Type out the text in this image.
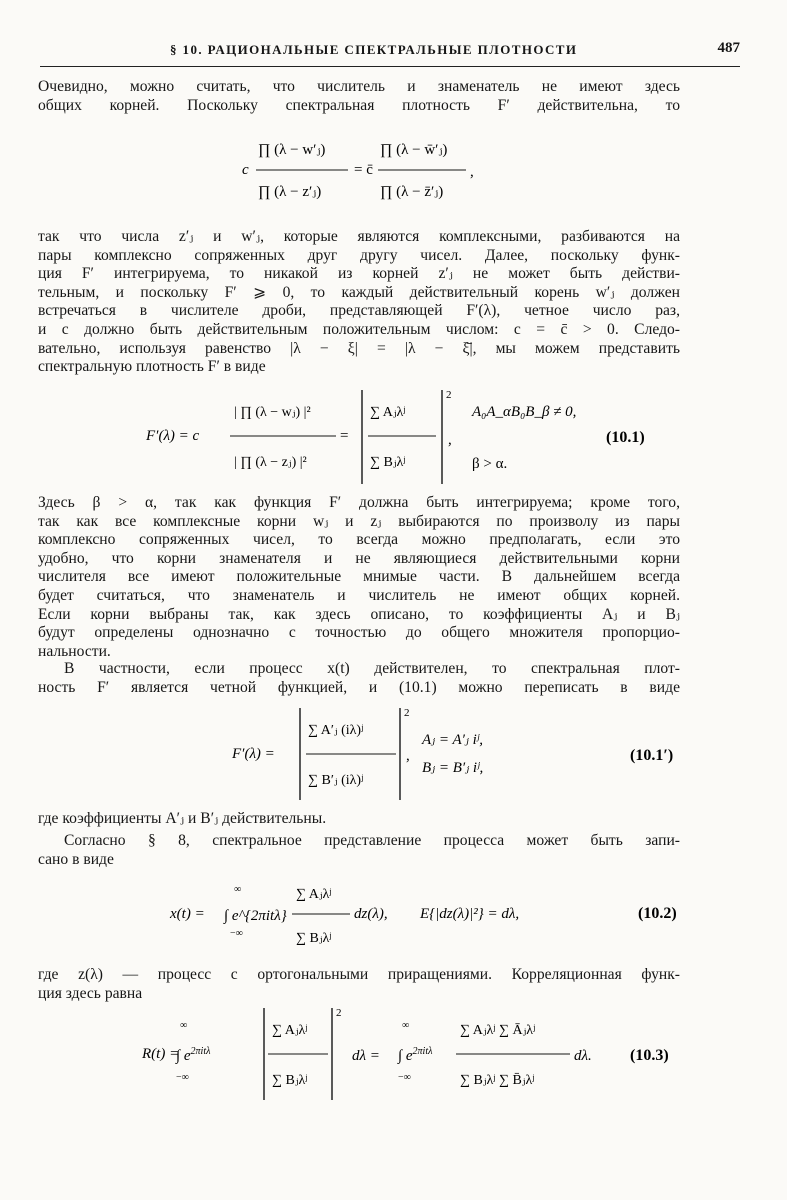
§ 10. РАЦИОНАЛЬНЫЕ СПЕКТРАЛЬНЫЕ ПЛОТНОСТИ	487
Очевидно, можно считать, что числитель и знаменатель не имеют здесь
общих корней. Поскольку спектральная плотность F′ действительна, то
c
∏ (λ − w′ⱼ)
∏ (λ − z′ⱼ)
= c̄
∏ (λ − w̄′ⱼ)
∏ (λ − z̄′ⱼ)
,
так что числа z′ⱼ и w′ⱼ, которые являются комплексными, разбиваются на
пары комплексно сопряженных друг другу чисел. Далее, поскольку функ-
ция F′ интегрируема, то никакой из корней z′ⱼ не может быть действи-
тельным, и поскольку F′ ⩾ 0, то каждый действительный корень w′ⱼ должен
встречаться в числителе дроби, представляющей F′(λ), четное число раз,
и c должно быть действительным положительным числом: c = c̄ > 0. Следо-
вательно, используя равенство |λ − ξ| = |λ − ξ̄|, мы можем представить
спектральную плотность F′ в виде
F′(λ) = c
| ∏ (λ − wⱼ) |²
| ∏ (λ − zⱼ) |²
=
∑ Aⱼλʲ
∑ Bⱼλʲ
2
,
A₀A_αB₀B_β ≠ 0,
β > α.
(10.1)
Здесь β > α, так как функция F′ должна быть интегрируема; кроме того,
так как все комплексные корни wⱼ и zⱼ выбираются по произволу из пары
комплексно сопряженных чисел, то всегда можно предполагать, если это
удобно, что корни знаменателя и не являющиеся действительными корни
числителя все имеют положительные мнимые части. В дальнейшем всегда
будет считаться, что знаменатель и числитель не имеют общих корней.
Если корни выбраны так, как здесь описано, то коэффициенты Aⱼ и Bⱼ
будут определены однозначно с точностью до общего множителя пропорцио-
нальности.
В частности, если процесс x(t) действителен, то спектральная плот-
ность F′ является четной функцией, и (10.1) можно переписать в виде
F′(λ) =
∑ A′ⱼ (iλ)ʲ
∑ B′ⱼ (iλ)ʲ
2
,
Aⱼ = A′ⱼ iʲ,
Bⱼ = B′ⱼ iʲ,
(10.1′)
где коэффициенты A′ⱼ и B′ⱼ действительны.
Согласно § 8, спектральное представление процесса может быть запи-
сано в виде
x(t) =
∞
−∞
∫ e^{2πitλ}
∑ Aⱼλʲ
∑ Bⱼλʲ
dz(λ), E{|dz(λ)|²} = dλ,	(10.2)
где z(λ) — процесс с ортогональными приращениями. Корреляционная функ-
ция здесь равна
R(t) =
∞
−∞
∫ $e^{2\pi it\lambda}$
∑ Aⱼλʲ
∑ Bⱼλʲ
2
dλ =
∞
−∞
∫ $e^{2\pi it\lambda}$
∑ Aⱼλʲ ∑ Āⱼλʲ
∑ Bⱼλʲ ∑ B̄ⱼλʲ
dλ. (10.3)
